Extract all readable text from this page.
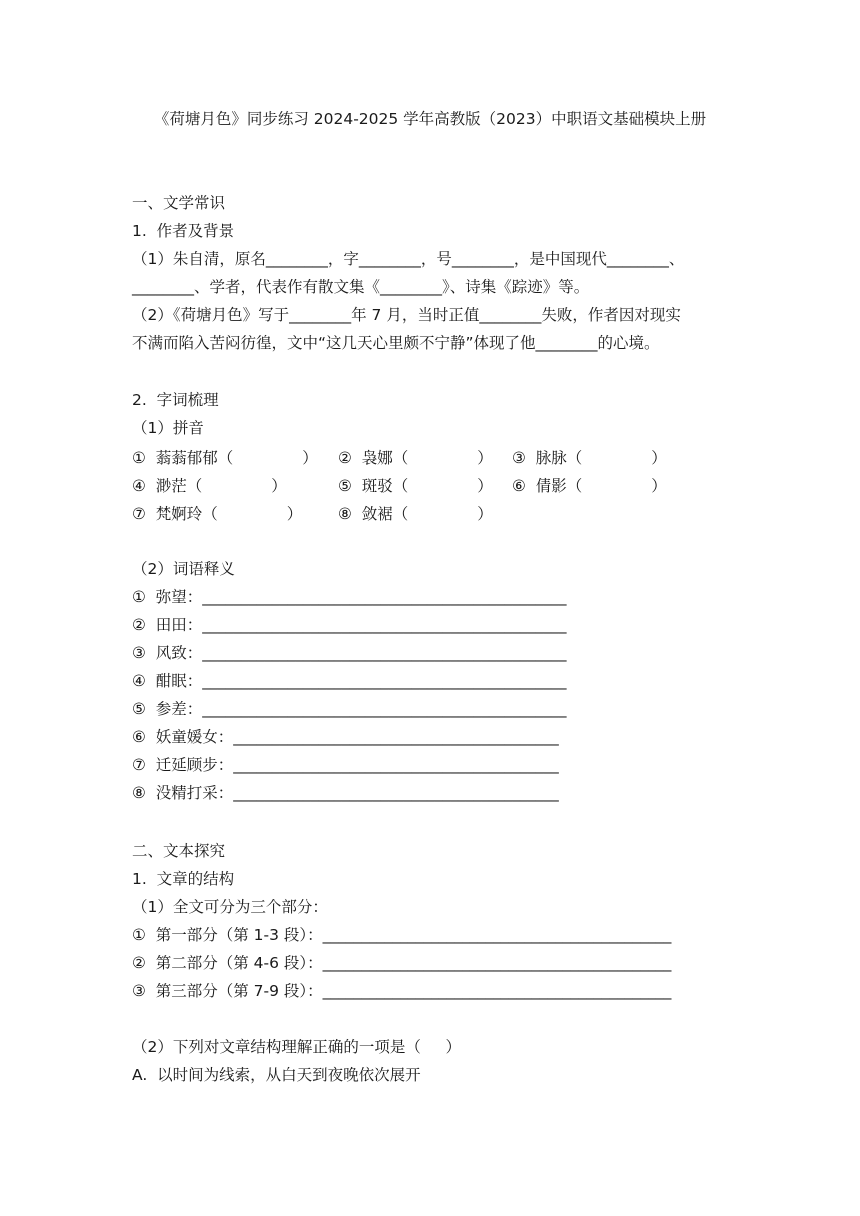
《荷塘月色》同步练习 2024-2025 学年高教版（2023）中职语文基础模块上册
一、文学常识
1.  作者及背景
（1）朱自清，原名________，字________，号________，是中国现代________、
________、学者，代表作有散文集《________》、诗集《踪迹》等。
（2）《荷塘月色》写于________年 7 月，当时正值________失败，作者因对现实
不满而陷入苦闷彷徨，文中“这几天心里颇不宁静”体现了他________的心境。
2.  字词梳理
（1）拼音
①  蓊蓊郁郁（              ） ②  袅娜（              ） ③  脉脉（              ）
④  渺茫（              ）	⑤  斑驳（              ） ⑥  倩影（              ）
⑦  梵婀玲（              ） ⑧  敛裾（              ）
（2）词语释义
①  弥望：_______________________________________________
②  田田：_______________________________________________
③  风致：_______________________________________________
④  酣眠：_______________________________________________
⑤  参差：_______________________________________________
⑥  妖童媛女：__________________________________________
⑦  迁延顾步：__________________________________________
⑧  没精打采：__________________________________________
二、文本探究
1.  文章的结构
（1）全文可分为三个部分：
①  第一部分（第 1-3 段）：_____________________________________________
②  第二部分（第 4-6 段）：_____________________________________________
③  第三部分（第 7-9 段）：_____________________________________________
（2）下列对文章结构理解正确的一项是（     ）
A.  以时间为线索，从白天到夜晚依次展开
